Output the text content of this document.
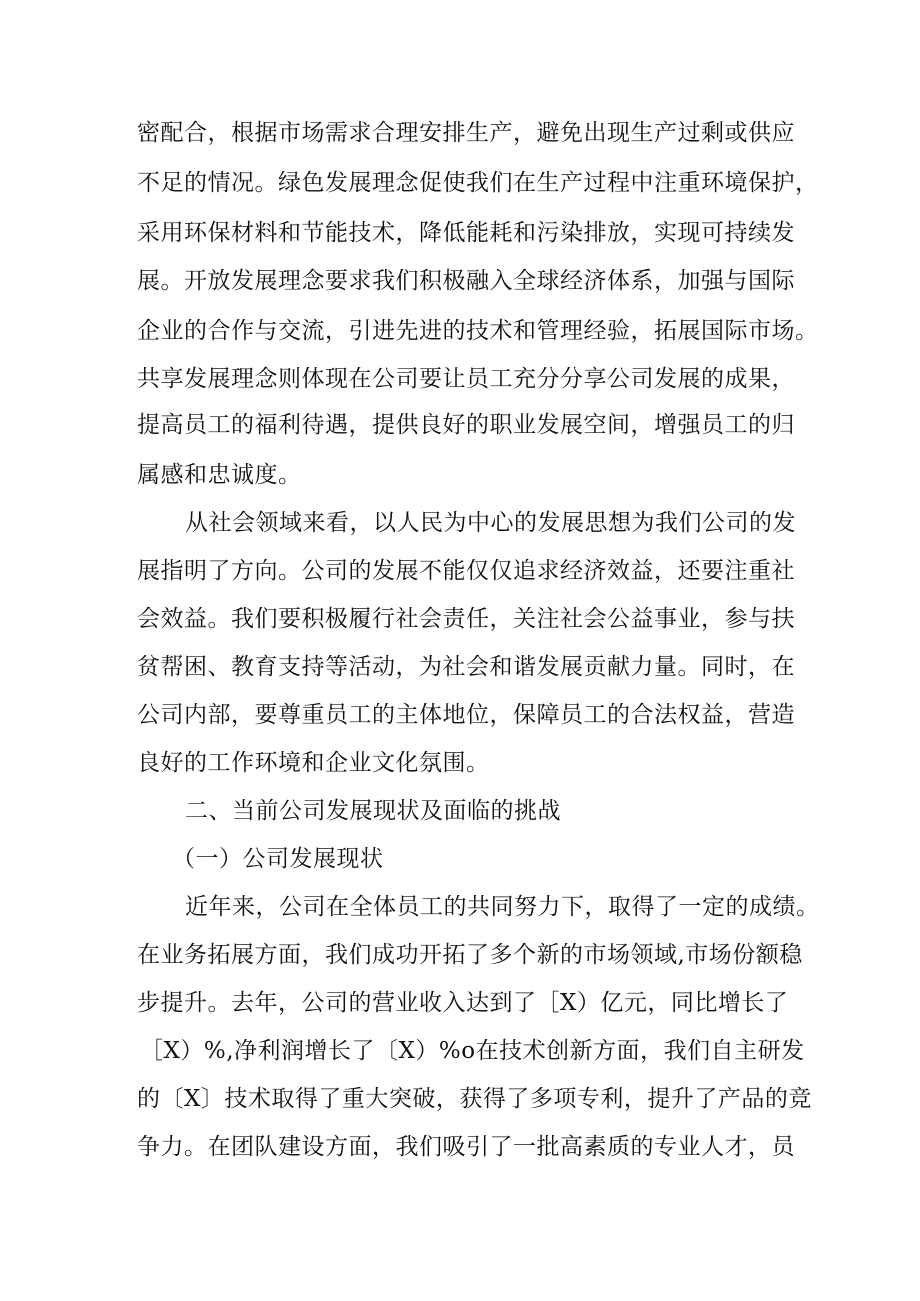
密配合，根据市场需求合理安排生产，避免出现生产过剩或供应
不足的情况。绿色发展理念促使我们在生产过程中注重环境保护，
采用环保材料和节能技术，降低能耗和污染排放，实现可持续发
展。开放发展理念要求我们积极融入全球经济体系，加强与国际
企业的合作与交流，引进先进的技术和管理经验，拓展国际市场。
共享发展理念则体现在公司要让员工充分分享公司发展的成果，
提高员工的福利待遇，提供良好的职业发展空间，增强员工的归
属感和忠诚度。
从社会领域来看，以人民为中心的发展思想为我们公司的发
展指明了方向。公司的发展不能仅仅追求经济效益，还要注重社
会效益。我们要积极履行社会责任，关注社会公益事业，参与扶
贫帮困、教育支持等活动，为社会和谐发展贡献力量。同时，在
公司内部，要尊重员工的主体地位，保障员工的合法权益，营造
良好的工作环境和企业文化氛围。
二、当前公司发展现状及面临的挑战
（一）公司发展现状
近年来，公司在全体员工的共同努力下，取得了一定的成绩。
在业务拓展方面，我们成功开拓了多个新的市场领域,市场份额稳
步提升。去年，公司的营业收入达到了［X）亿元，同比增长了
［X）%,净利润增长了〔X）%o在技术创新方面，我们自主研发
的〔X〕技术取得了重大突破，获得了多项专利，提升了产品的竞
争力。在团队建设方面，我们吸引了一批高素质的专业人才，员
